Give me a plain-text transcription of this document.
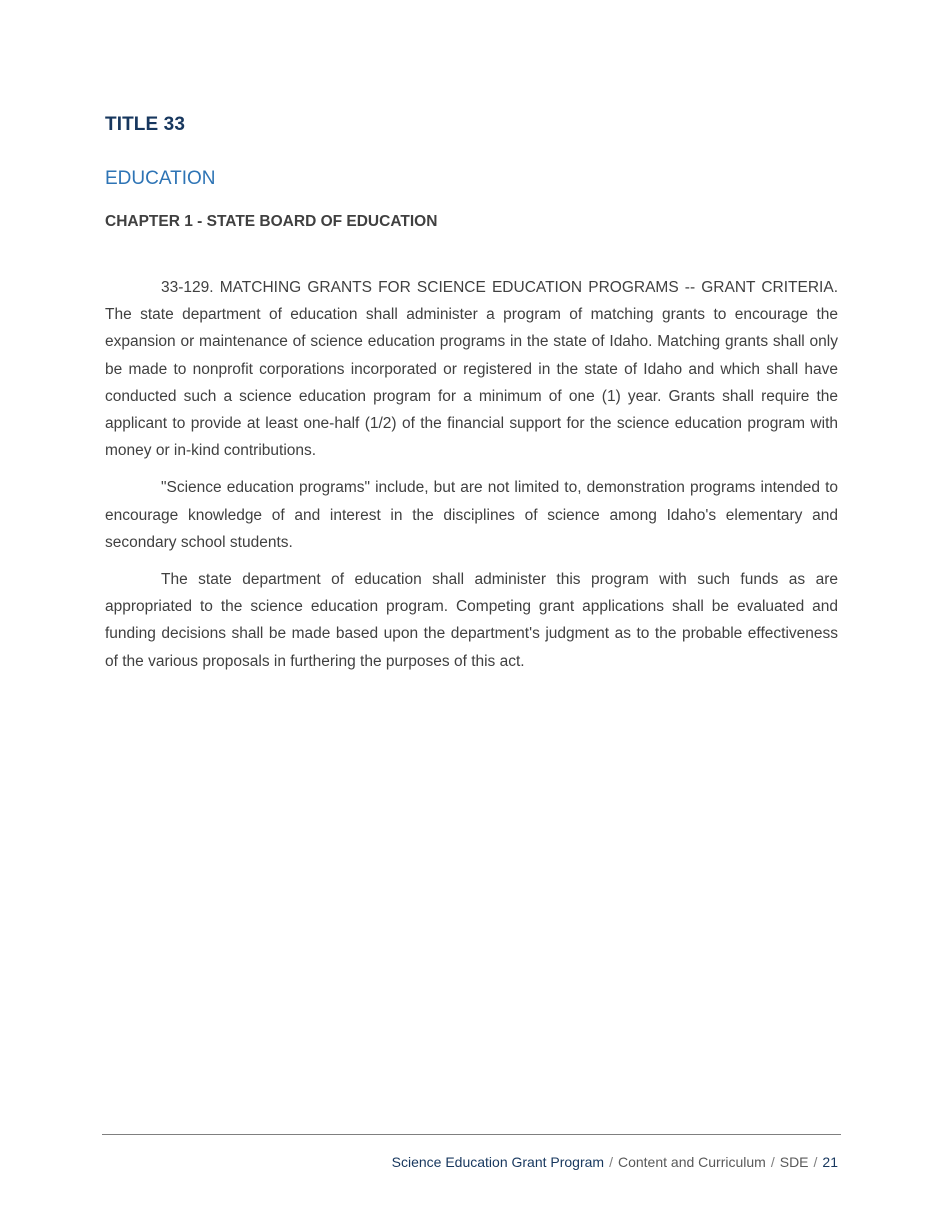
TITLE 33
EDUCATION
CHAPTER 1 - STATE BOARD OF EDUCATION

33-129. MATCHING GRANTS FOR SCIENCE EDUCATION PROGRAMS -- GRANT CRITERIA. The state department of education shall administer a program of matching grants to encourage the expansion or maintenance of science education programs in the state of Idaho. Matching grants shall only be made to nonprofit corporations incorporated or registered in the state of Idaho and which shall have conducted such a science education program for a minimum of one (1) year. Grants shall require the applicant to provide at least one-half (1/2) of the financial support for the science education program with money or in-kind contributions.

"Science education programs" include, but are not limited to, demonstration programs intended to encourage knowledge of and interest in the disciplines of science among Idaho's elementary and secondary school students.

The state department of education shall administer this program with such funds as are appropriated to the science education program. Competing grant applications shall be evaluated and funding decisions shall be made based upon the department's judgment as to the probable effectiveness of the various proposals in furthering the purposes of this act.

Science Education Grant Program / Content and Curriculum / SDE / 21
